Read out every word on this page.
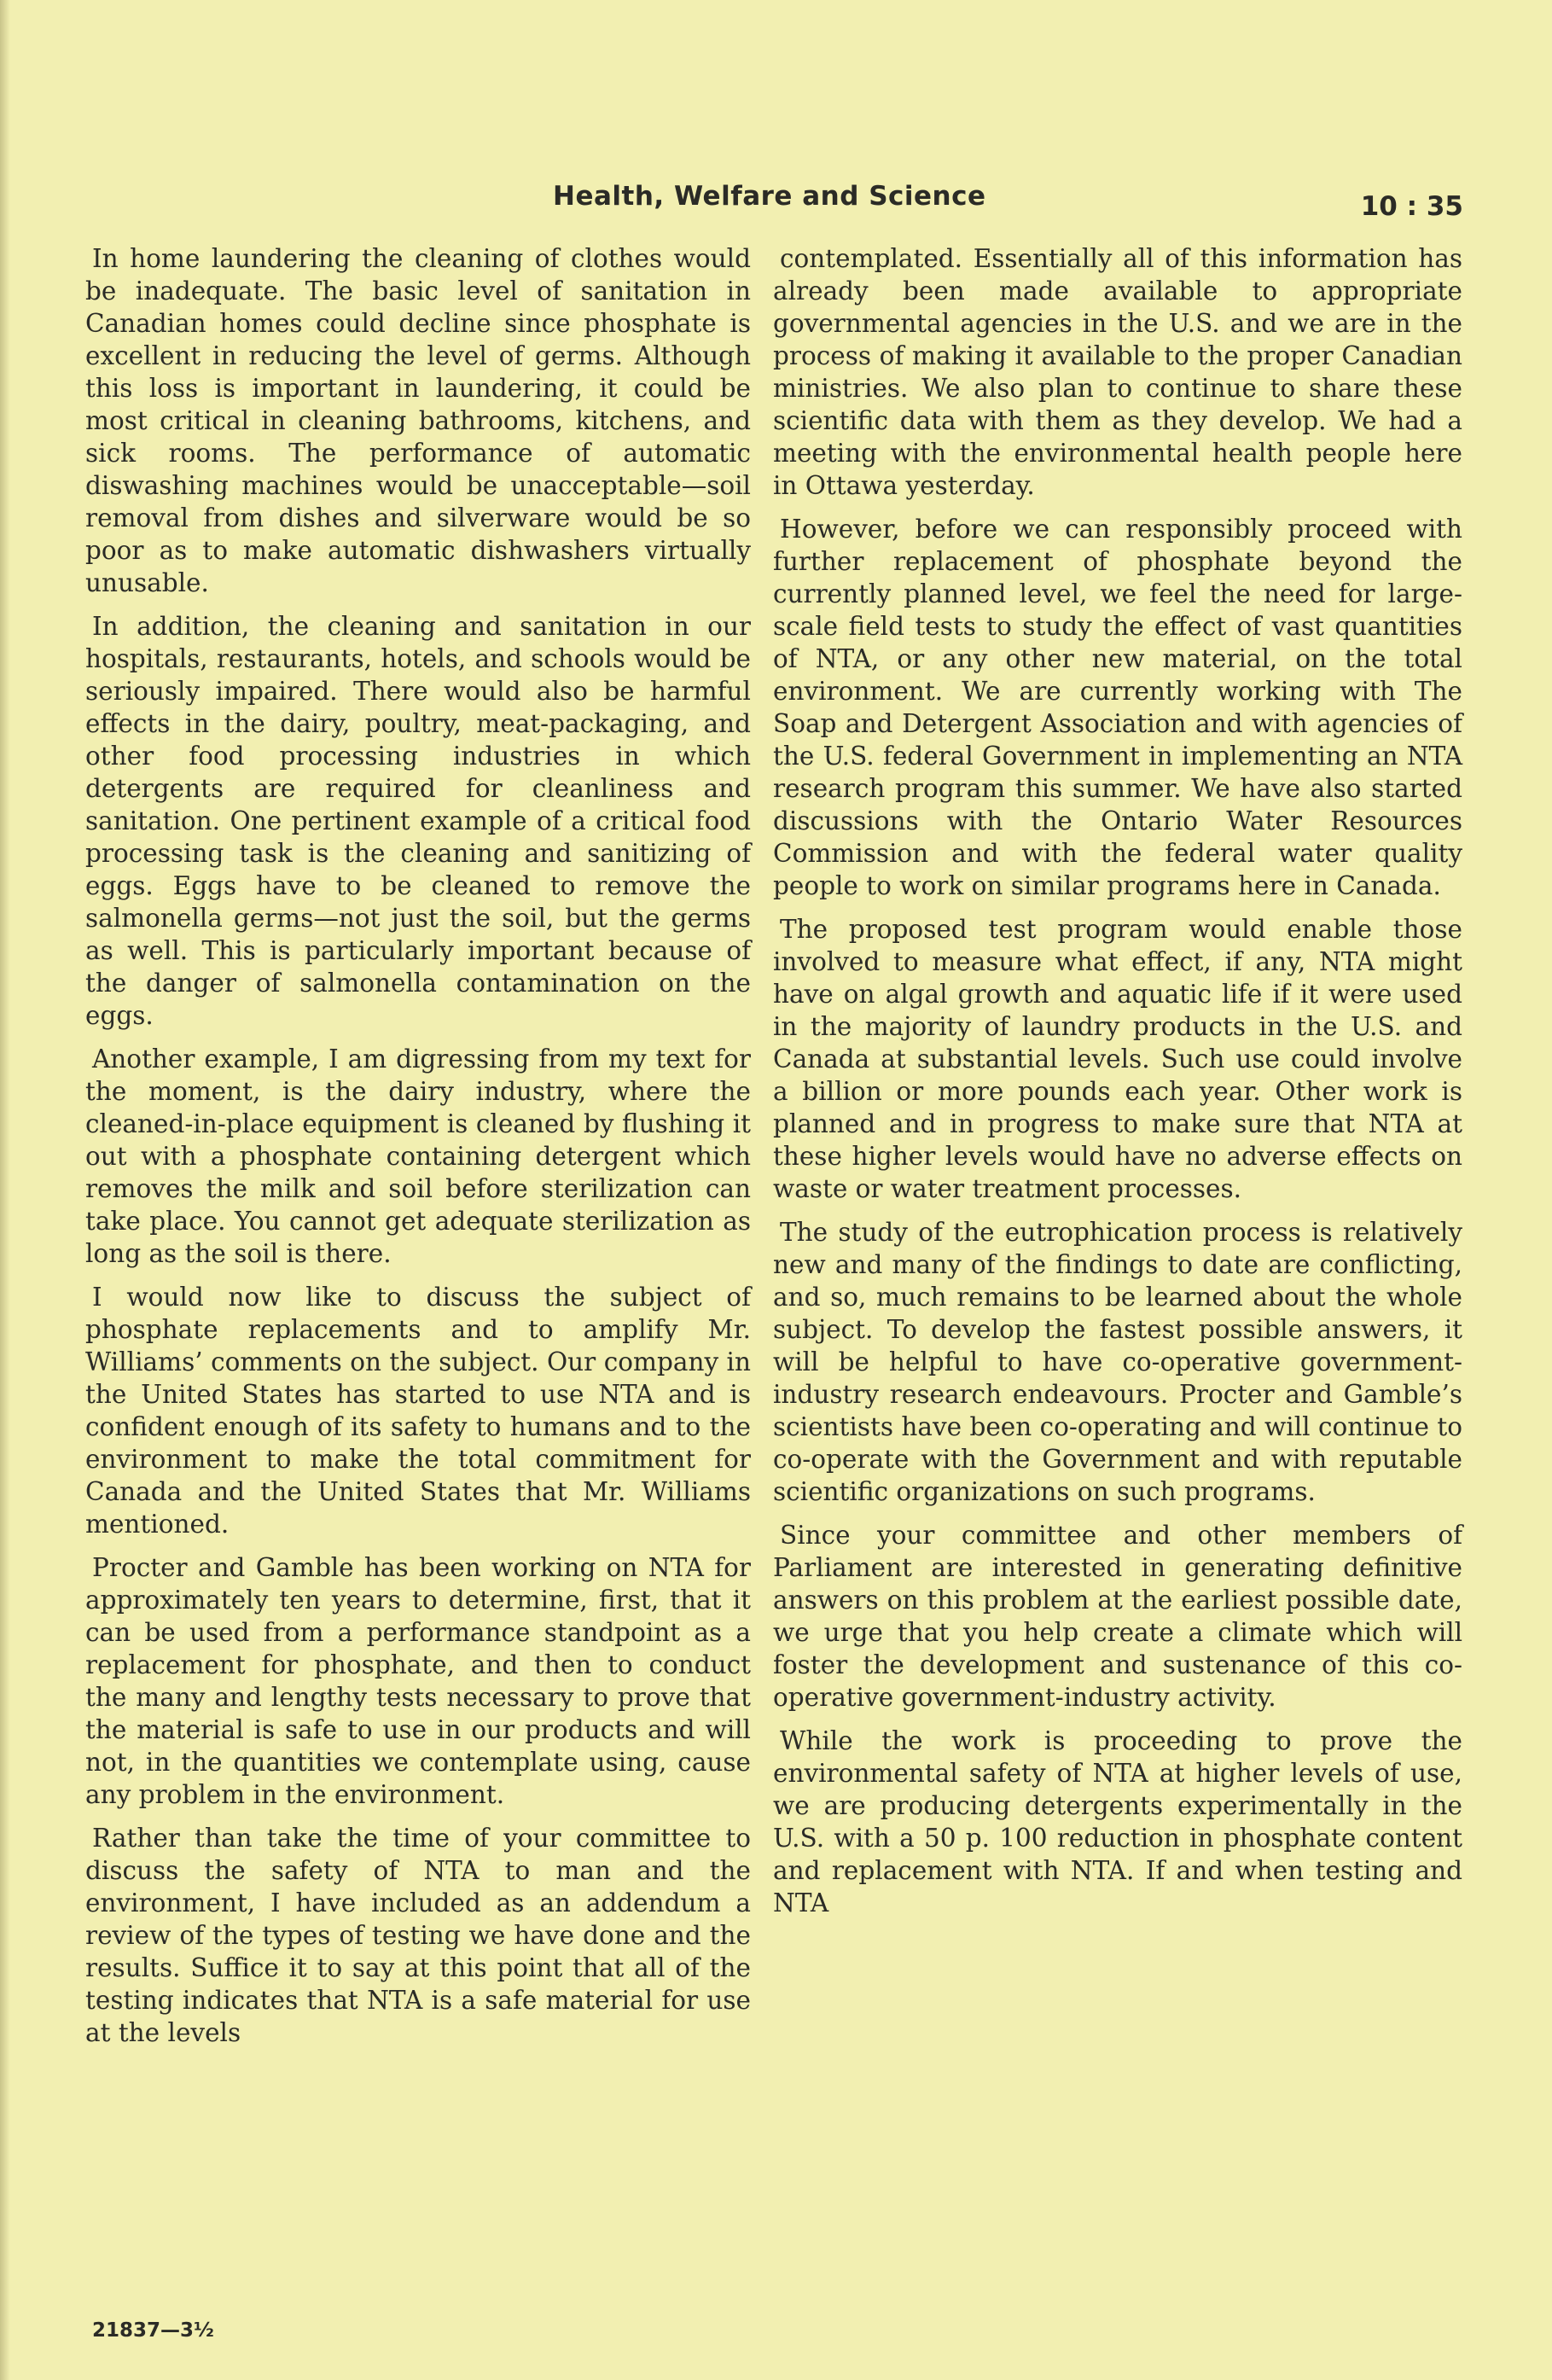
Health, Welfare and Science	10 : 35

In home laundering the cleaning of clothes would be inadequate. The basic level of sanitation in Canadian homes could decline since phosphate is excellent in reducing the level of germs. Although this loss is important in laundering, it could be most critical in cleaning bathrooms, kitchens, and sick rooms. The performance of automatic diswashing machines would be unacceptable—soil removal from dishes and silverware would be so poor as to make automatic dishwashers virtually unusable.

In addition, the cleaning and sanitation in our hospitals, restaurants, hotels, and schools would be seriously impaired. There would also be harmful effects in the dairy, poultry, meat-packaging, and other food processing industries in which detergents are required for cleanliness and sanitation. One pertinent example of a critical food processing task is the cleaning and sanitizing of eggs. Eggs have to be cleaned to remove the salmonella germs—not just the soil, but the germs as well. This is particularly important because of the danger of salmonella contamination on the eggs.

Another example, I am digressing from my text for the moment, is the dairy industry, where the cleaned-in-place equipment is cleaned by flushing it out with a phosphate containing detergent which removes the milk and soil before sterilization can take place. You cannot get adequate sterilization as long as the soil is there.

I would now like to discuss the subject of phosphate replacements and to amplify Mr. Williams’ comments on the subject. Our company in the United States has started to use NTA and is confident enough of its safety to humans and to the environment to make the total commitment for Canada and the United States that Mr. Williams mentioned.

Procter and Gamble has been working on NTA for approximately ten years to determine, first, that it can be used from a performance standpoint as a replacement for phosphate, and then to conduct the many and lengthy tests necessary to prove that the material is safe to use in our products and will not, in the quantities we contemplate using, cause any problem in the environment.

Rather than take the time of your committee to discuss the safety of NTA to man and the environment, I have included as an addendum a review of the types of testing we have done and the results. Suffice it to say at this point that all of the testing indicates that NTA is a safe material for use at the levels

contemplated. Essentially all of this information has already been made available to appropriate governmental agencies in the U.S. and we are in the process of making it available to the proper Canadian ministries. We also plan to continue to share these scientific data with them as they develop. We had a meeting with the environmental health people here in Ottawa yesterday.

However, before we can responsibly proceed with further replacement of phosphate beyond the currently planned level, we feel the need for large-scale field tests to study the effect of vast quantities of NTA, or any other new material, on the total environment. We are currently working with The Soap and Detergent Association and with agencies of the U.S. federal Government in implementing an NTA research program this summer. We have also started discussions with the Ontario Water Resources Commission and with the federal water quality people to work on similar programs here in Canada.

The proposed test program would enable those involved to measure what effect, if any, NTA might have on algal growth and aquatic life if it were used in the majority of laundry products in the U.S. and Canada at substantial levels. Such use could involve a billion or more pounds each year. Other work is planned and in progress to make sure that NTA at these higher levels would have no adverse effects on waste or water treatment processes.

The study of the eutrophication process is relatively new and many of the findings to date are conflicting, and so, much remains to be learned about the whole subject. To develop the fastest possible answers, it will be helpful to have co-operative government-industry research endeavours. Procter and Gamble’s scientists have been co-operating and will continue to co-operate with the Government and with reputable scientific organizations on such programs.

Since your committee and other members of Parliament are interested in generating definitive answers on this problem at the earliest possible date, we urge that you help create a climate which will foster the development and sustenance of this co-operative government-industry activity.

While the work is proceeding to prove the environmental safety of NTA at higher levels of use, we are producing detergents experimentally in the U.S. with a 50 p. 100 reduction in phosphate content and replacement with NTA. If and when testing and NTA

21837—3½
